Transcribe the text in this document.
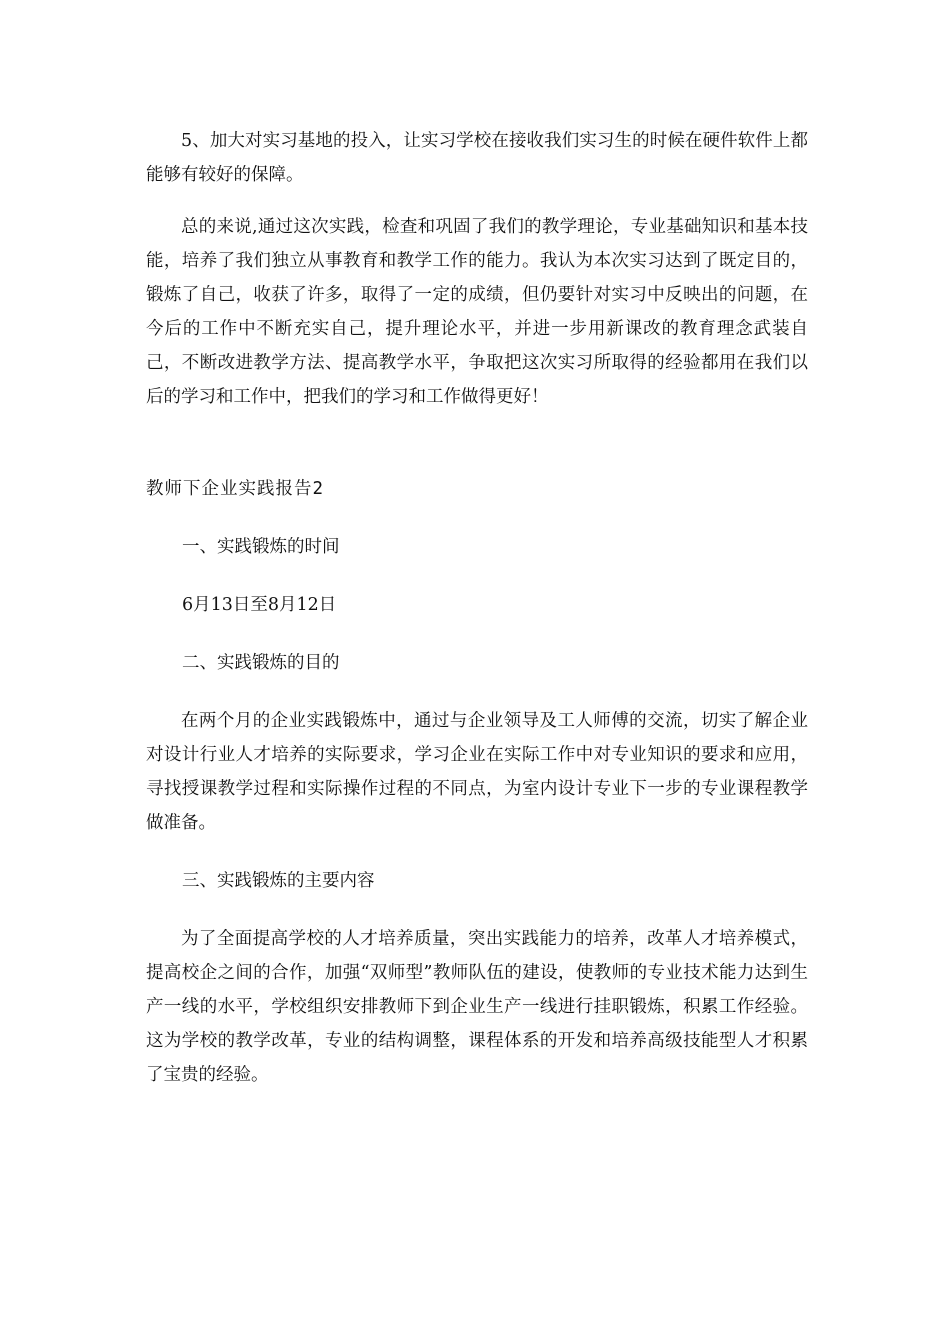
5、加大对实习基地的投入，让实习学校在接收我们实习生的时候在硬件软件上都能够有较好的保障。

总的来说,通过这次实践，检查和巩固了我们的教学理论，专业基础知识和基本技能，培养了我们独立从事教育和教学工作的能力。我认为本次实习达到了既定目的，锻炼了自己，收获了许多，取得了一定的成绩，但仍要针对实习中反映出的问题，在今后的工作中不断充实自己，提升理论水平，并进一步用新课改的教育理念武装自己，不断改进教学方法、提高教学水平，争取把这次实习所取得的经验都用在我们以后的学习和工作中，把我们的学习和工作做得更好！

教师下企业实践报告2

一、实践锻炼的时间

6月13日至8月12日

二、实践锻炼的目的

在两个月的企业实践锻炼中，通过与企业领导及工人师傅的交流，切实了解企业对设计行业人才培养的实际要求，学习企业在实际工作中对专业知识的要求和应用，寻找授课教学过程和实际操作过程的不同点，为室内设计专业下一步的专业课程教学做准备。

三、实践锻炼的主要内容

为了全面提高学校的人才培养质量，突出实践能力的培养，改革人才培养模式，提高校企之间的合作，加强“双师型”教师队伍的建设，使教师的专业技术能力达到生产一线的水平，学校组织安排教师下到企业生产一线进行挂职锻炼，积累工作经验。这为学校的教学改革，专业的结构调整，课程体系的开发和培养高级技能型人才积累了宝贵的经验。
